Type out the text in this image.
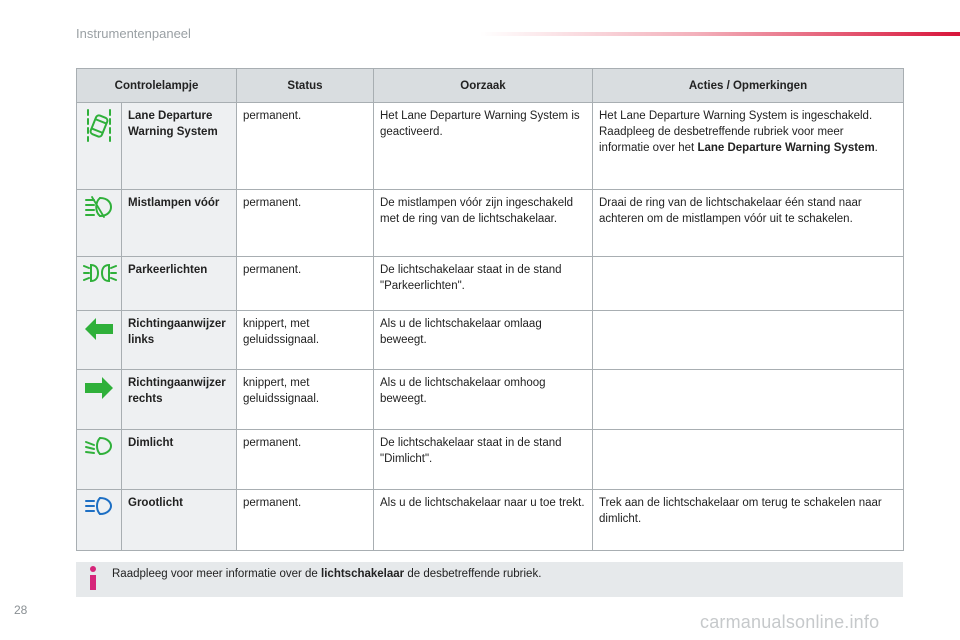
Instrumentenpaneel
Controlelampje		Status	Oorzaak	Acties / Opmerkingen
	Lane Departure Warning System	permanent.	Het Lane Departure Warning System is geactiveerd.	Het Lane Departure Warning System is ingeschakeld. Raadpleeg de desbetreffende rubriek voor meer informatie over het Lane Departure Warning System.
	Mistlampen vóór	permanent.	De mistlampen vóór zijn ingeschakeld met de ring van de lichtschakelaar.	Draai de ring van de lichtschakelaar één stand naar achteren om de mistlampen vóór uit te schakelen.
	Parkeerlichten	permanent.	De lichtschakelaar staat in de stand "Parkeerlichten".	
	Richtingaanwijzer links	knippert, met geluidssignaal.	Als u de lichtschakelaar omlaag beweegt.	
	Richtingaanwijzer rechts	knippert, met geluidssignaal.	Als u de lichtschakelaar omhoog beweegt.	
	Dimlicht	permanent.	De lichtschakelaar staat in de stand "Dimlicht".	
	Grootlicht	permanent.	Als u de lichtschakelaar naar u toe trekt.	Trek aan de lichtschakelaar om terug te schakelen naar dimlicht.
Raadpleeg voor meer informatie over de lichtschakelaar de desbetreffende rubriek.
28
carmanualsonline.info
